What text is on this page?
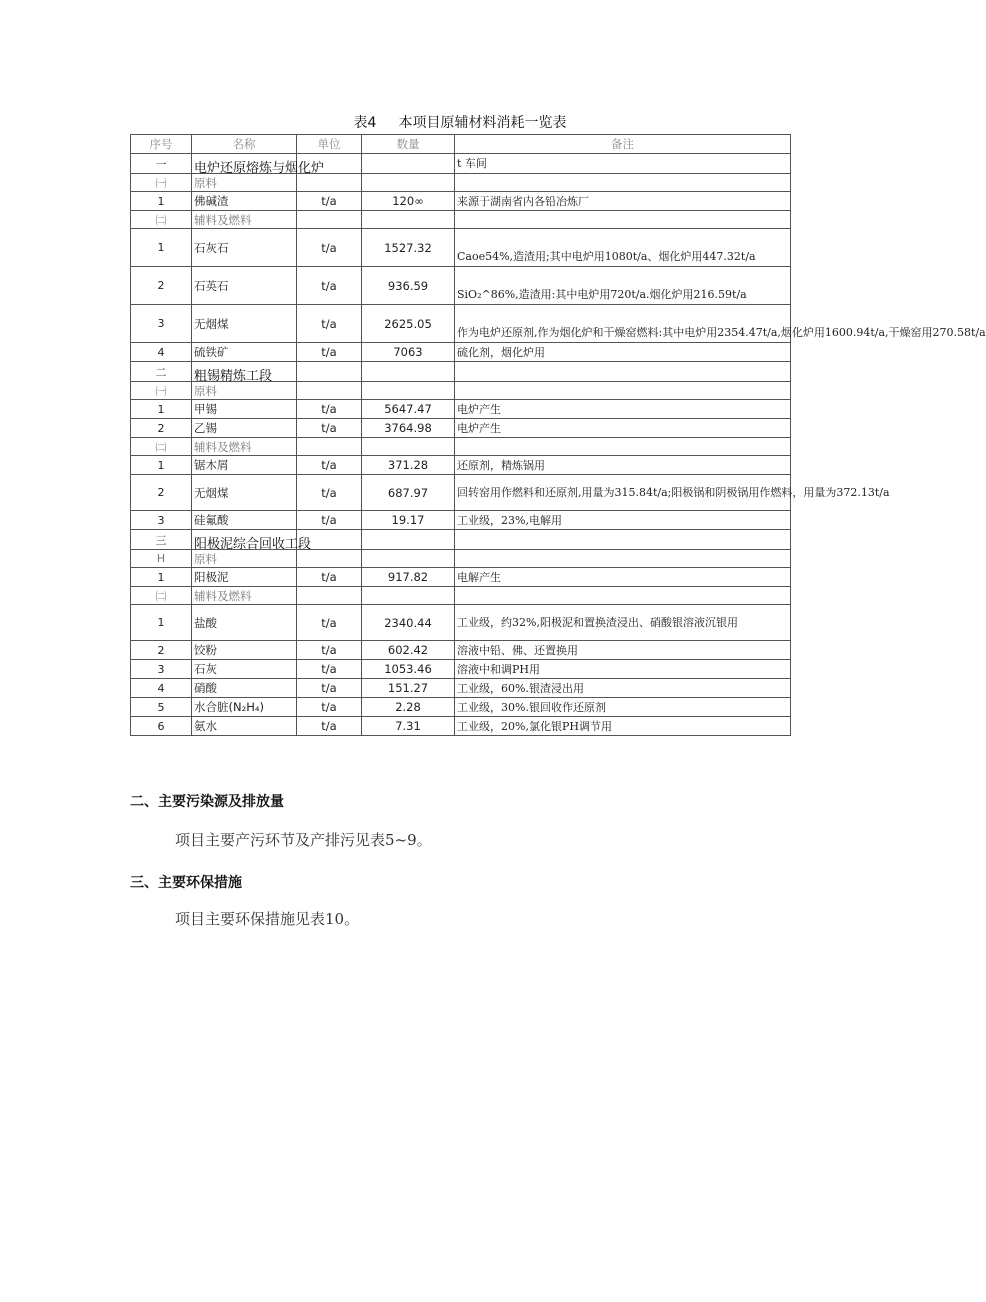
表4 本项目原辅材料消耗一览表
序号	名称	单位	数量	备注
一	电炉还原熔炼与烟化炉			t 车间
㈠	原料			
1	佛碱渣	t/a	120∞	来源于湖南省内各铅冶炼厂
㈡	辅料及燃料			
1	石灰石	t/a	1527.32	Caoe54%,造渣用;其中电炉用1080t/a、烟化炉用447.32t/a
2	石英石	t/a	936.59	SiO₂^86%,造渣用:其中电炉用720t/a.烟化炉用216.59t/a
3	无烟煤	t/a	2625.05	作为电炉还原剂,作为烟化炉和干燥窑燃料:其中电炉用2354.47t/a,烟化炉用1600.94t/a,干燥窑用270.58t/a
4	硫铁矿	t/a	7063	硫化剂，烟化炉用
二	粗锡精炼工段			
㈠	原料			
1	甲锡	t/a	5647.47	电炉产生
2	乙锡	t/a	3764.98	电炉产生
㈡	辅料及燃料			
1	锯木屑	t/a	371.28	还原剂，精炼锅用
2	无烟煤	t/a	687.97	回转窑用作燃料和还原剂,用量为315.84t/a;阳极锅和阴极锅用作燃料，用量为372.13t/a
3	硅氟酸	t/a	19.17	工业级，23%,电解用
三	阳极泥综合回收工段			
H	原料			
1	阳极泥	t/a	917.82	电解产生
㈡	辅料及燃料			
1	盐酸	t/a	2340.44	工业级，约32%,阳极泥和置换渣浸出、硝酸银溶液沉银用
2	饺粉	t/a	602.42	溶液中铅、佛、还置换用
3	石灰	t/a	1053.46	溶液中和调PH用
4	硝酸	t/a	151.27	工业级，60%.银渣浸出用
5	水合脏(N₂H₄)	t/a	2.28	工业级，30%.银回收作还原剂
6	氨水	t/a	7.31	工业级，20%,氯化银PH调节用
二、主要污染源及排放量
项目主要产污环节及产排污见表5~9。
三、主要环保措施
项目主要环保措施见表10。
